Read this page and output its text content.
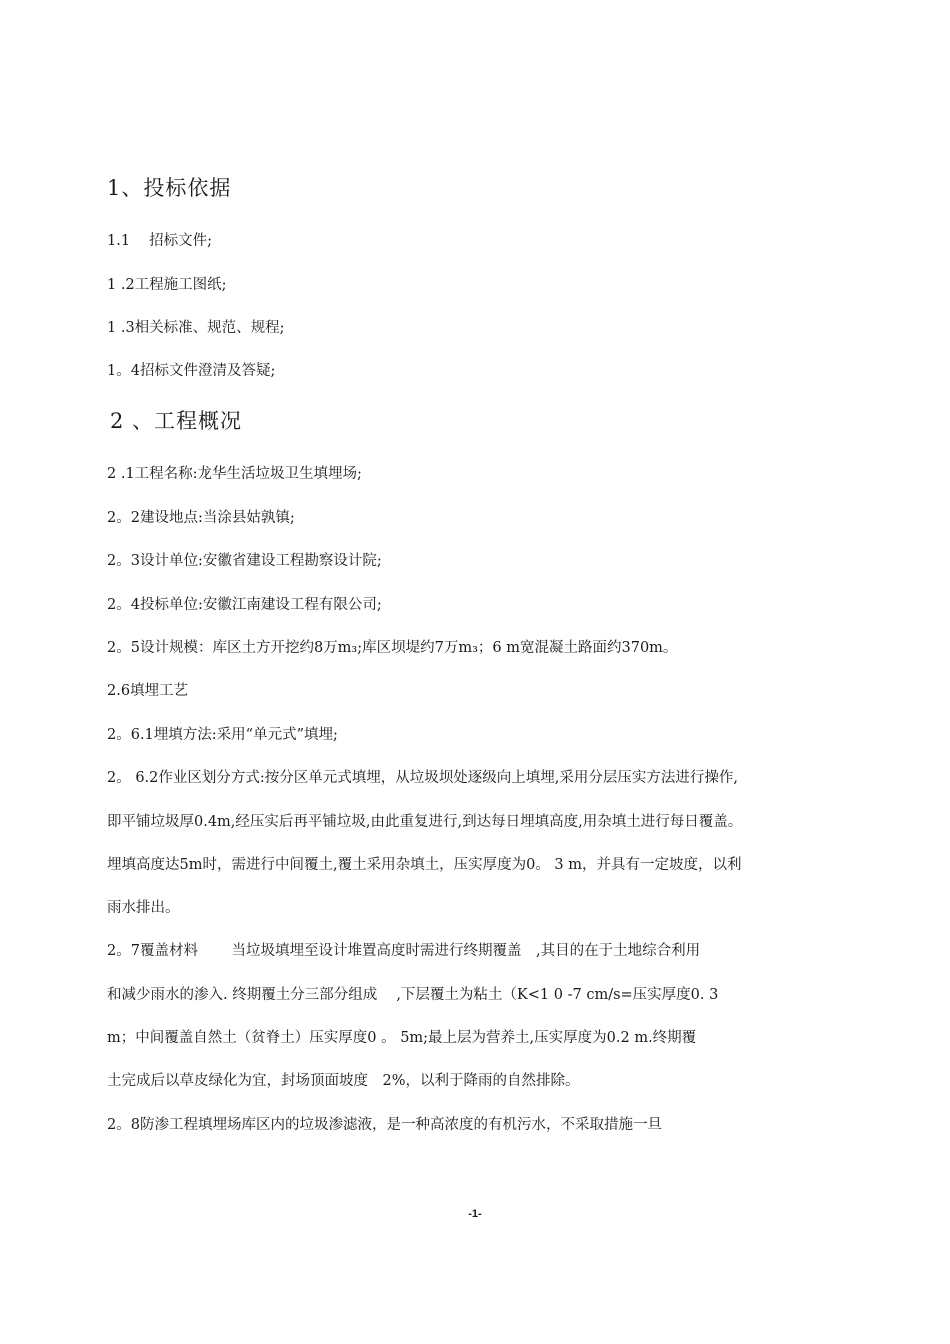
1、投标依据
1.1　 招标文件;
1 .2工程施工图纸;
1 .3相关标准、规范、规程;
1。4招标文件澄清及答疑;
2 、工程概况
2 .1工程名称:龙华生活垃圾卫生填埋场;
2。2建设地点:当涂县姑孰镇;
2。3设计单位:安徽省建设工程勘察设计院;
2。4投标单位:安徽江南建设工程有限公司;
2。5设计规模：库区土方开挖约8万m₃;库区坝堤约7万m₃；6 m宽混凝土路面约370m。
2.6填埋工艺
2。6.1埋填方法:采用“单元式”填埋;
2。 6.2作业区划分方式:按分区单元式填埋，从垃圾坝处逐级向上填埋,采用分层压实方法进行操作,
即平铺垃圾厚0.4m,经压实后再平铺垃圾,由此重复进行,到达每日埋填高度,用杂填土进行每日覆盖。
埋填高度达5m时，需进行中间覆土,覆土采用杂填土，压实厚度为0。 3 m，并具有一定坡度，以利
雨水排出。
2。7覆盖材料　　 当垃圾填埋至设计堆置高度时需进行终期覆盖　,其目的在于土地综合利用
和减少雨水的渗入. 终期覆土分三部分组成　 ,下层覆土为粘土（K<1 0 -7 cm/s=压实厚度0. 3
m；中间覆盖自然土（贫脊土）压实厚度0 。 5m;最上层为营养土,压实厚度为0.2 m.终期覆
土完成后以草皮绿化为宜，封场顶面坡度　2%，以利于降雨的自然排除。
2。8防渗工程填埋场库区内的垃圾渗滤液，是一种高浓度的有机污水，不采取措施一旦
-1-
